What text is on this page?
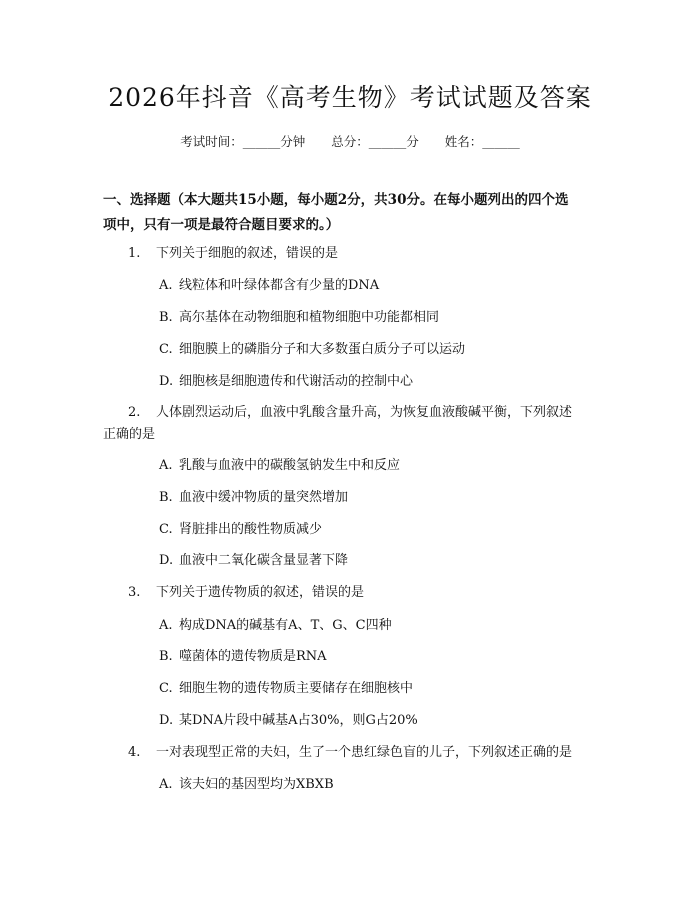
2026年抖音《高考生物》考试试题及答案
考试时间：______分钟 总分：______分 姓名：______
一、选择题（本大题共15小题，每小题2分，共30分。在每小题列出的四个选
项中，只有一项是最符合题目要求的。）
1. 下列关于细胞的叙述，错误的是
A. 线粒体和叶绿体都含有少量的DNA
B. 高尔基体在动物细胞和植物细胞中功能都相同
C. 细胞膜上的磷脂分子和大多数蛋白质分子可以运动
D. 细胞核是细胞遗传和代谢活动的控制中心
2. 人体剧烈运动后，血液中乳酸含量升高，为恢复血液酸碱平衡，下列叙述
正确的是
A. 乳酸与血液中的碳酸氢钠发生中和反应
B. 血液中缓冲物质的量突然增加
C. 肾脏排出的酸性物质减少
D. 血液中二氧化碳含量显著下降
3. 下列关于遗传物质的叙述，错误的是
A. 构成DNA的碱基有A、T、G、C四种
B. 噬菌体的遗传物质是RNA
C. 细胞生物的遗传物质主要储存在细胞核中
D. 某DNA片段中碱基A占30%，则G占20%
4. 一对表现型正常的夫妇，生了一个患红绿色盲的儿子，下列叙述正确的是
A. 该夫妇的基因型均为XBXB
